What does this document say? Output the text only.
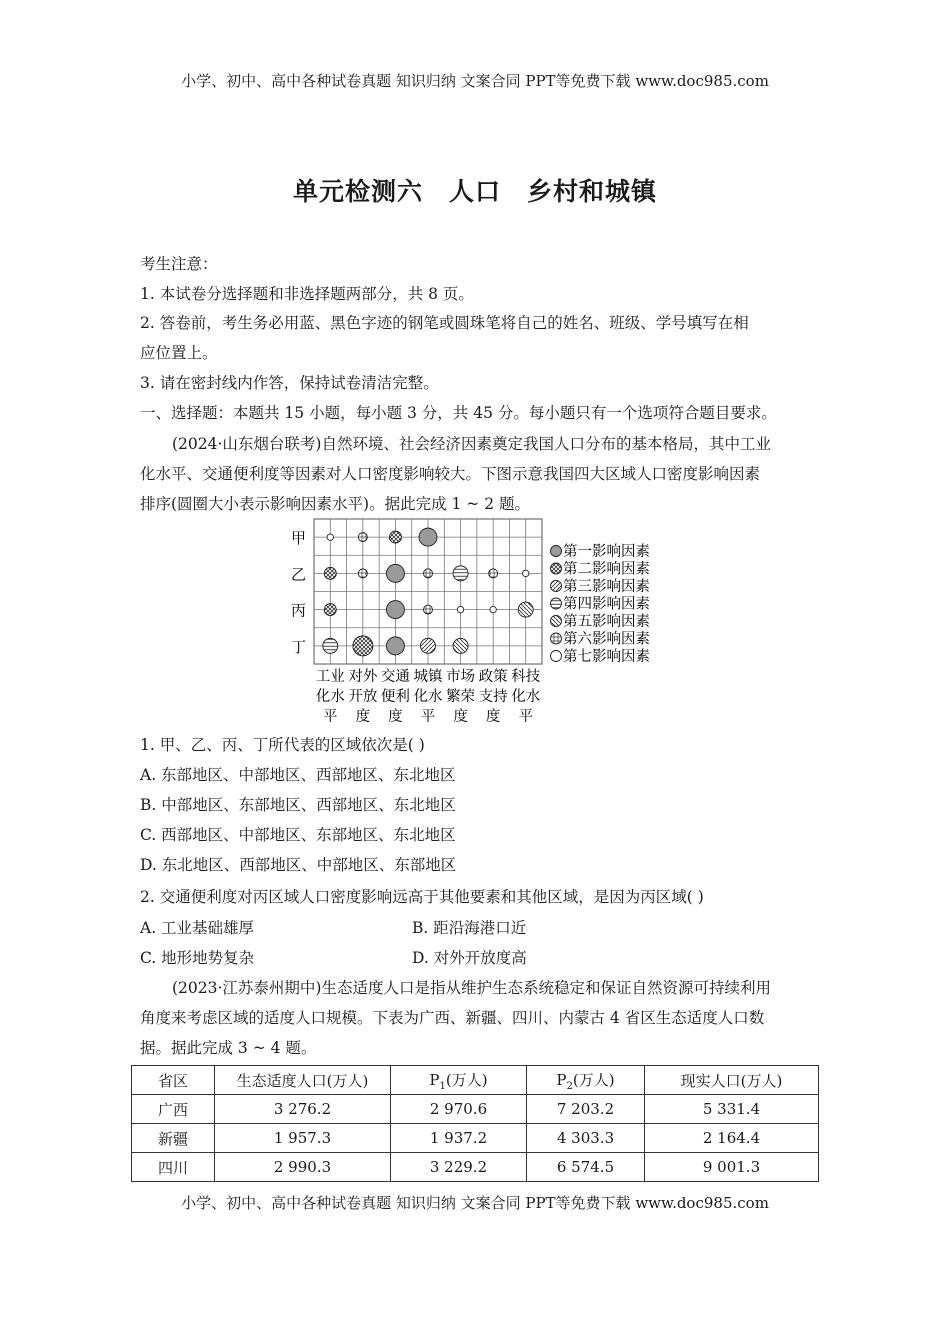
小学、初中、高中各种试卷真题 知识归纳 文案合同 PPT等免费下载 www.doc985.com
单元检测六　人口　乡村和城镇
考生注意：
1. 本试卷分选择题和非选择题两部分，共 8 页。
2. 答卷前，考生务必用蓝、黑色字迹的钢笔或圆珠笔将自己的姓名、班级、学号填写在相
应位置上。
3. 请在密封线内作答，保持试卷清洁完整。
一、选择题：本题共 15 小题，每小题 3 分，共 45 分。每小题只有一个选项符合题目要求。
(2024·山东烟台联考)自然环境、社会经济因素奠定我国人口分布的基本格局，其中工业
化水平、交通便利度等因素对人口密度影响较大。下图示意我国四大区域人口密度影响因素
排序(圆圈大小表示影响因素水平)。据此完成 1 ~ 2 题。
甲
乙
丙
丁
工业
化水
平
对外
开放
度
交通
便利
度
城镇
化水
平
市场
繁荣
度
政策
支持
度
科技
化水
平
第一影响因素
第二影响因素
第三影响因素
第四影响因素
第五影响因素
第六影响因素
第七影响因素
1. 甲、乙、丙、丁所代表的区域依次是( )
A. 东部地区、中部地区、西部地区、东北地区
B. 中部地区、东部地区、西部地区、东北地区
C. 西部地区、中部地区、东部地区、东北地区
D. 东北地区、西部地区、中部地区、东部地区
2. 交通便利度对丙区域人口密度影响远高于其他要素和其他区域，是因为丙区域( )
A. 工业基础雄厚	B. 距沿海港口近
C. 地形地势复杂	D. 对外开放度高
(2023·江苏泰州期中)生态适度人口是指从维护生态系统稳定和保证自然资源可持续利用
角度来考虑区域的适度人口规模。下表为广西、新疆、四川、内蒙古 4 省区生态适度人口数
据。据此完成 3 ~ 4 题。
省区	生态适度人口(万人)	$P_1$(万人)	$P_2$(万人)	现实人口(万人)
广西	3 276.2	2 970.6	7 203.2	5 331.4
新疆	1 957.3	1 937.2	4 303.3	2 164.4
四川	2 990.3	3 229.2	6 574.5	9 001.3
小学、初中、高中各种试卷真题 知识归纳 文案合同 PPT等免费下载 www.doc985.com
